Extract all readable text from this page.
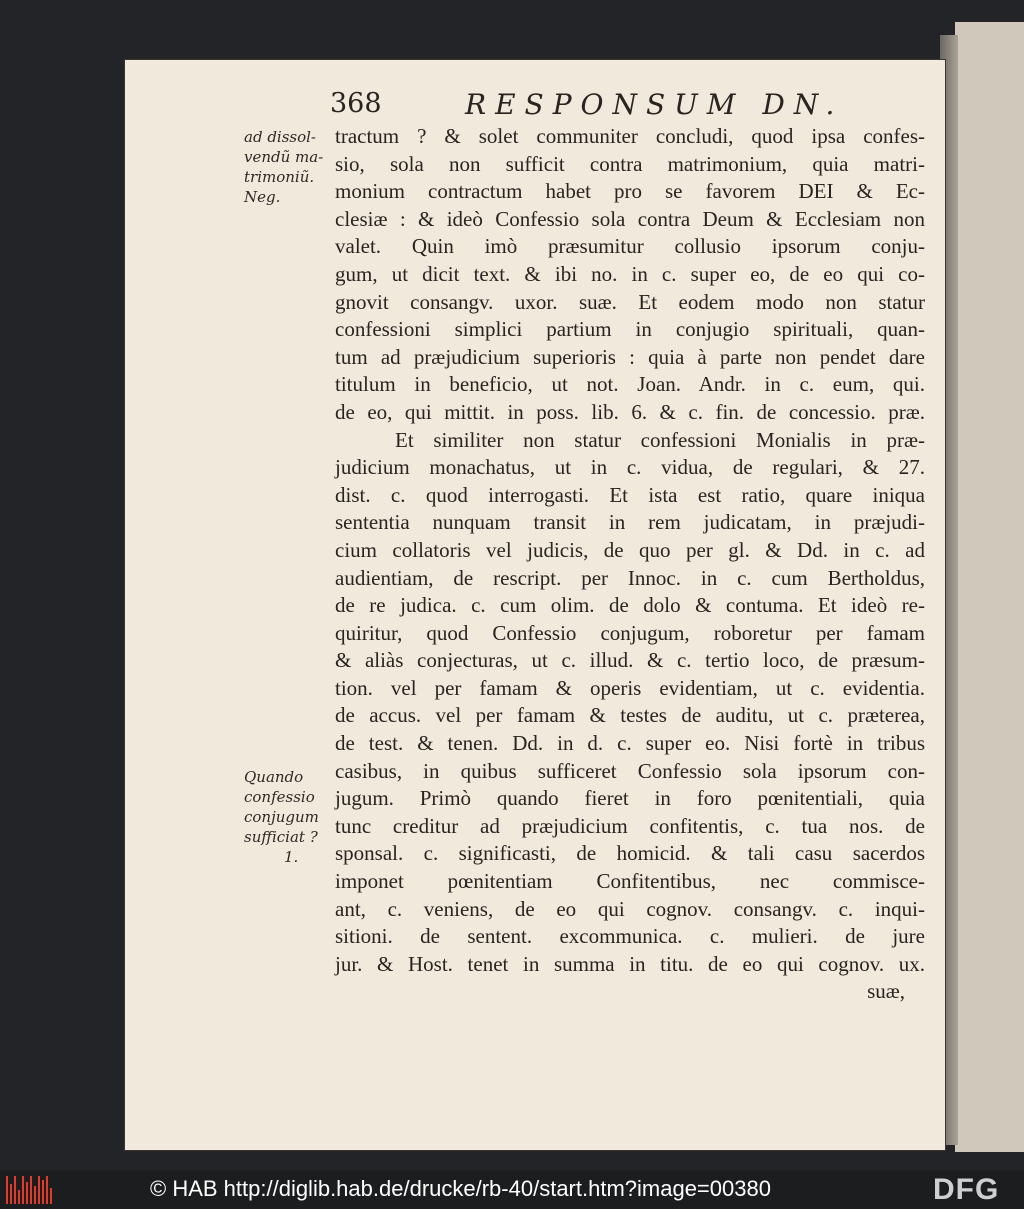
368	RESPONSUM DN.
ad dissol-
vendũ ma-
trimoniũ.
Neg.
Quando
confessio
conjugum
sufficiat ?
1.
tractum ? & solet communiter concludi, quod ipsa confes-
sio, sola non sufficit contra matrimonium, quia matri-
monium contractum habet pro se favorem DEI & Ec-
clesiæ : & ideò Confessio sola contra Deum & Ecclesiam non
valet. Quin imò præsumitur collusio ipsorum conju-
gum, ut dicit text. & ibi no. in c. super eo, de eo qui co-
gnovit consangv. uxor. suæ. Et eodem modo non statur
confessioni simplici partium in conjugio spirituali, quan-
tum ad præjudicium superioris : quia à parte non pendet dare
titulum in beneficio, ut not. Joan. Andr. in c. eum, qui.
de eo, qui mittit. in poss. lib. 6. & c. fin. de concessio. præ.
Et similiter non statur confessioni Monialis in præ-
judicium monachatus, ut in c. vidua, de regulari, & 27.
dist. c. quod interrogasti. Et ista est ratio, quare iniqua
sententia nunquam transit in rem judicatam, in præjudi-
cium collatoris vel judicis, de quo per gl. & Dd. in c. ad
audientiam, de rescript. per Innoc. in c. cum Bertholdus,
de re judica. c. cum olim. de dolo & contuma. Et ideò re-
quiritur, quod Confessio conjugum, roboretur per famam
& aliàs conjecturas, ut c. illud. & c. tertio loco, de præsum-
tion. vel per famam & operis evidentiam, ut c. evidentia.
de accus. vel per famam & testes de auditu, ut c. præterea,
de test. & tenen. Dd. in d. c. super eo. Nisi fortè in tribus
casibus, in quibus sufficeret Confessio sola ipsorum con-
jugum. Primò quando fieret in foro pœnitentiali, quia
tunc creditur ad præjudicium confitentis, c. tua nos. de
sponsal. c. significasti, de homicid. & tali casu sacerdos
imponet pœnitentiam Confitentibus, nec commisce-
ant, c. veniens, de eo qui cognov. consangv. c. inqui-
sitioni. de sentent. excommunica. c. mulieri. de jure
jur. & Host. tenet in summa in titu. de eo qui cognov. ux.
suæ,
© HAB http://diglib.hab.de/drucke/rb-40/start.htm?image=00380	DFG
